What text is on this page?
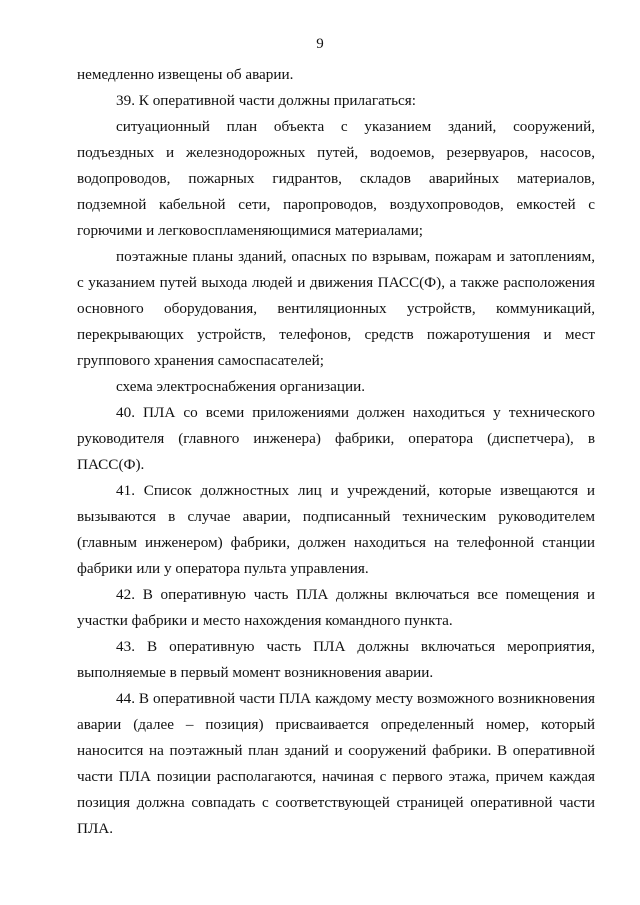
9

немедленно извещены об аварии.

39. К оперативной части должны прилагаться:

ситуационный план объекта с указанием зданий, сооружений, подъездных и железнодорожных путей, водоемов, резервуаров, насосов, водопроводов, пожарных гидрантов, складов аварийных материалов, подземной кабельной сети, паропроводов, воздухопроводов, емкостей с горючими и легковоспламеняющимися материалами;

поэтажные планы зданий, опасных по взрывам, пожарам и затоплениям, с указанием путей выхода людей и движения ПАСС(Ф), а также расположения основного оборудования, вентиляционных устройств, коммуникаций, перекрывающих устройств, телефонов, средств пожаротушения и мест группового хранения самоспасателей;

схема электроснабжения организации.

40. ПЛА со всеми приложениями должен находиться у технического руководителя (главного инженера) фабрики, оператора (диспетчера), в ПАСС(Ф).

41. Список должностных лиц и учреждений, которые извещаются и вызываются в случае аварии, подписанный техническим руководителем (главным инженером) фабрики, должен находиться на телефонной станции фабрики или у оператора пульта управления.

42. В оперативную часть ПЛА должны включаться все помещения и участки фабрики и место нахождения командного пункта.

43. В оперативную часть ПЛА должны включаться мероприятия, выполняемые в первый момент возникновения аварии.

44. В оперативной части ПЛА каждому месту возможного возникновения аварии (далее – позиция) присваивается определенный номер, который наносится на поэтажный план зданий и сооружений фабрики. В оперативной части ПЛА позиции располагаются, начиная с первого этажа, причем каждая позиция должна совпадать с соответствующей страницей оперативной части ПЛА.
